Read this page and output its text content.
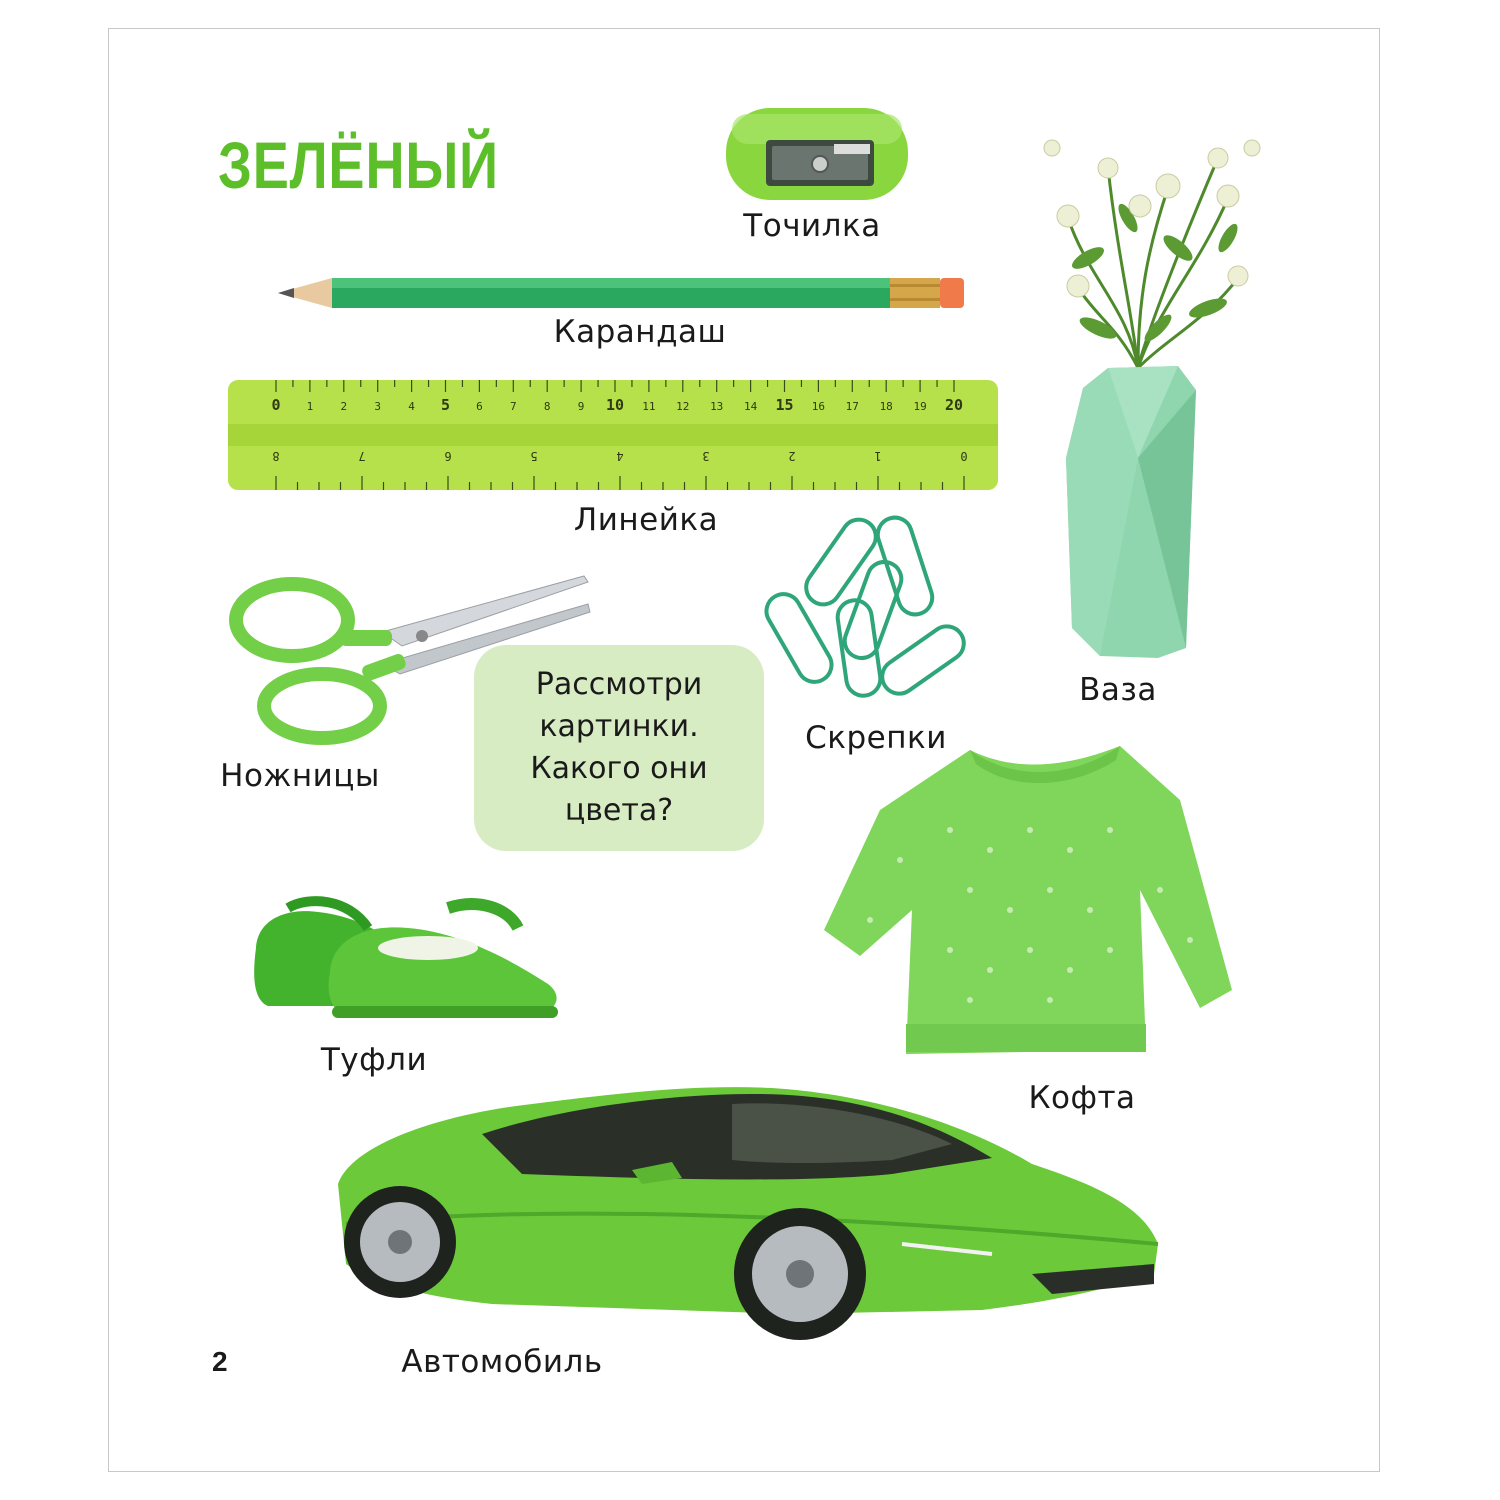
ЗЕЛЁНЫЙ
Точилка
Карандаш
0 1 2 3 4 5 6 7 8 9 10 11 12 13 14 15 16 17 18 19 20
8	7	6	5	4	3	2	1	0
Линейка
Ваза
Ножницы
Рассмотри
картинки.
Какого они
цвета?
Скрепки
Кофта
Туфли
Автомобиль
2
